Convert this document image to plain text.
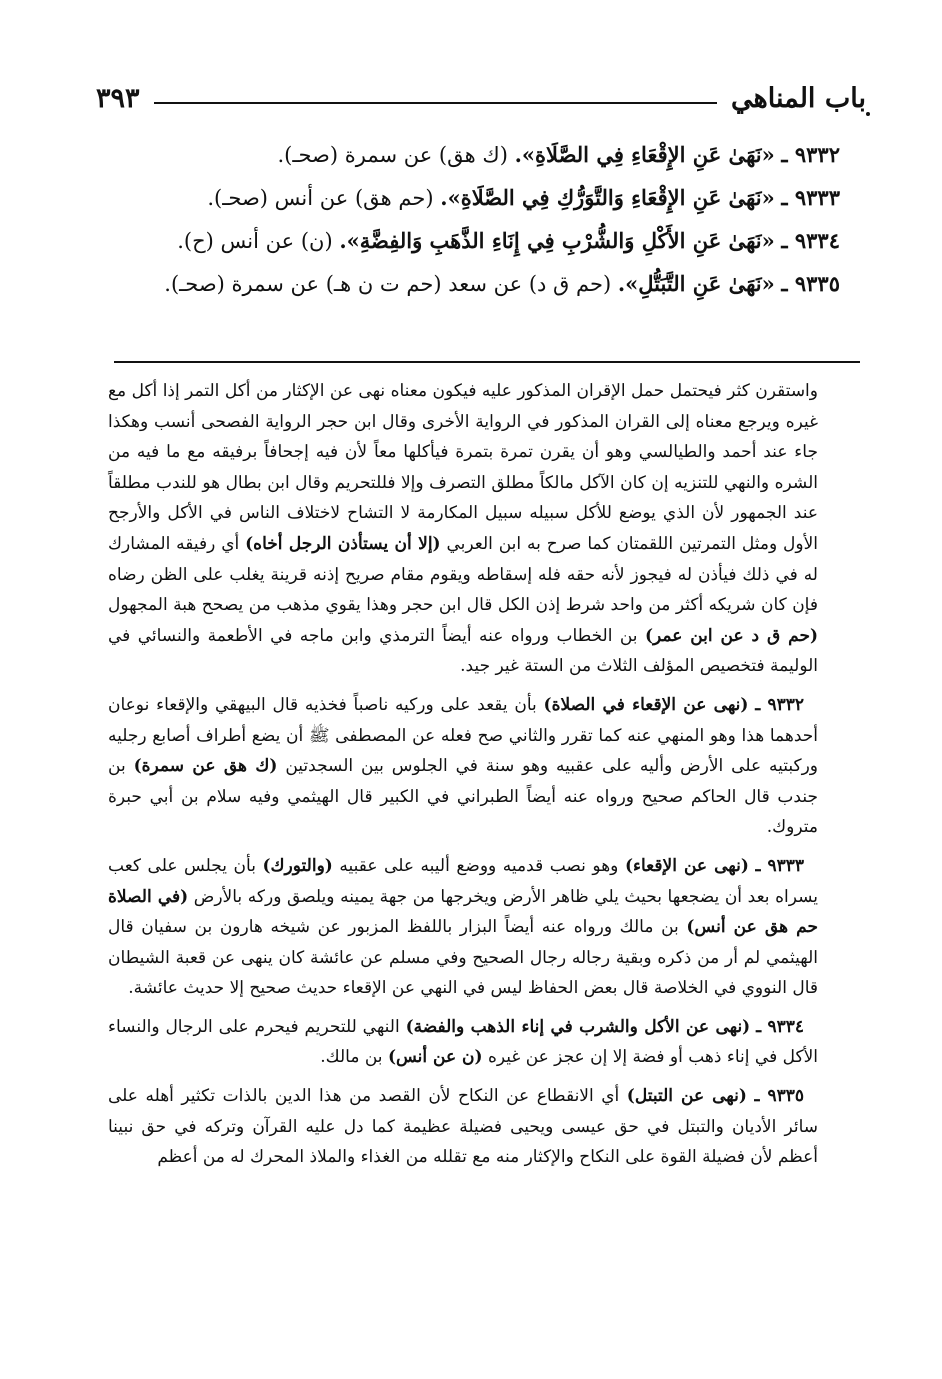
باب المناهي
٣٩٣
٩٣٣٢ ـ «نَهَىٰ عَنِ الإِقْعَاءِ فِي الصَّلَاةِ». (ك هق) عن سمرة (صحـ).
٩٣٣٣ ـ «نَهَىٰ عَنِ الإِقْعَاءِ وَالتَّوَرُّكِ فِي الصَّلَاةِ». (حم هق) عن أنس (صحـ).
٩٣٣٤ ـ «نَهَىٰ عَنِ الأَكْلِ وَالشُّرْبِ فِي إِنَاءِ الذَّهَبِ وَالفِضَّةِ». (ن) عن أنس (ح).
٩٣٣٥ ـ «نَهَىٰ عَنِ التَّبَتُّلِ». (حم ق د) عن سعد (حم ت ن هـ) عن سمرة (صحـ).

واستقرن كثر فيحتمل حمل الإقران المذكور عليه فيكون معناه نهى عن الإكثار من أكل التمر إذا أكل مع غيره ويرجع معناه إلى القران المذكور في الرواية الأخرى وقال ابن حجر الرواية الفصحى أنسب وهكذا جاء عند أحمد والطيالسي وهو أن يقرن تمرة بتمرة فيأكلها معاً لأن فيه إجحافاً برفيقه مع ما فيه من الشره والنهي للتنزيه إن كان الآكل مالكاً مطلق التصرف وإلا فللتحريم وقال ابن بطال هو للندب مطلقاً عند الجمهور لأن الذي يوضع للأكل سبيله سبيل المكارمة لا التشاح لاختلاف الناس في الأكل والأرجح الأول ومثل التمرتين اللقمتان كما صرح به ابن العربي (إلا أن يستأذن الرجل أخاه) أي رفيقه المشارك له في ذلك فيأذن له فيجوز لأنه حقه فله إسقاطه ويقوم مقام صريح إذنه قرينة يغلب على الظن رضاه فإن كان شريكه أكثر من واحد شرط إذن الكل قال ابن حجر وهذا يقوي مذهب من يصحح هبة المجهول (حم ق د عن ابن عمر) بن الخطاب ورواه عنه أيضاً الترمذي وابن ماجه في الأطعمة والنسائي في الوليمة فتخصيص المؤلف الثلاث من الستة غير جيد.

٩٣٣٢ ـ (نهى عن الإقعاء في الصلاة) بأن يقعد على وركيه ناصباً فخذيه قال البيهقي والإقعاء نوعان أحدهما هذا وهو المنهي عنه كما تقرر والثاني صح فعله عن المصطفى ﷺ أن يضع أطراف أصابع رجليه وركبتيه على الأرض وأليه على عقبيه وهو سنة في الجلوس بين السجدتين (ك هق عن سمرة) بن جندب قال الحاكم صحيح ورواه عنه أيضاً الطبراني في الكبير قال الهيثمي وفيه سلام بن أبي حبرة متروك.

٩٣٣٣ ـ (نهى عن الإقعاء) وهو نصب قدميه ووضع أليبه على عقبيه (والتورك) بأن يجلس على كعب يسراه بعد أن يضجعها بحيث يلي ظاهر الأرض ويخرجها من جهة يمينه ويلصق وركه بالأرض (في الصلاة حم هق عن أنس) بن مالك ورواه عنه أيضاً البزار باللفظ المزبور عن شيخه هارون بن سفيان قال الهيثمي لم أر من ذكره وبقية رجاله رجال الصحيح وفي مسلم عن عائشة كان ينهى عن قعبة الشيطان قال النووي في الخلاصة قال بعض الحفاظ ليس في النهي عن الإقعاء حديث صحيح إلا حديث عائشة.

٩٣٣٤ ـ (نهى عن الأكل والشرب في إناء الذهب والفضة) النهي للتحريم فيحرم على الرجال والنساء الأكل في إناء ذهب أو فضة إلا إن عجز عن غيره (ن عن أنس) بن مالك.

٩٣٣٥ ـ (نهى عن التبتل) أي الانقطاع عن النكاح لأن القصد من هذا الدين بالذات تكثير أهله على سائر الأديان والتبتل في حق عيسى ويحيى فضيلة عظيمة كما دل عليه القرآن وتركه في حق نبينا أعظم لأن فضيلة القوة على النكاح والإكثار منه مع تقلله من الغذاء والملاذ المحرك له من أعظم
